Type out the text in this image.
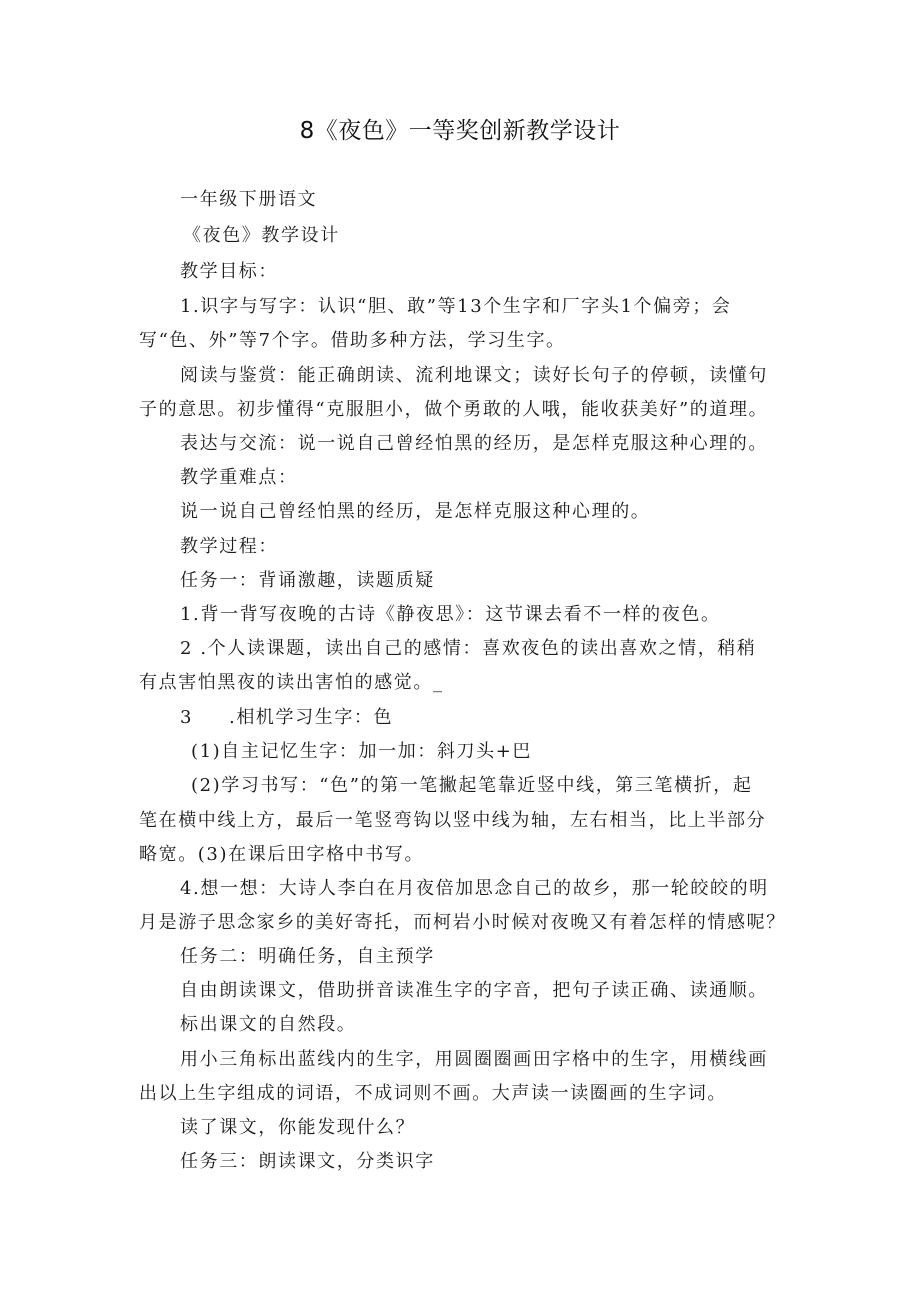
8《夜色》一等奖创新教学设计
一年级下册语文
《夜色》教学设计
教学目标：
1.识字与写字：认识“胆、敢”等13个生字和厂字头1个偏旁；会
写“色、外”等7个字。借助多种方法，学习生字。
阅读与鉴赏：能正确朗读、流利地课文；读好长句子的停顿，读懂句
子的意思。初步懂得“克服胆小，做个勇敢的人哦，能收获美好”的道理。
表达与交流：说一说自己曾经怕黑的经历，是怎样克服这种心理的。
教学重难点：
说一说自己曾经怕黑的经历，是怎样克服这种心理的。
教学过程：
任务一：背诵激趣，读题质疑
1.背一背写夜晚的古诗《静夜思》：这节课去看不一样的夜色。
2 .个人读课题，读出自己的感情：喜欢夜色的读出喜欢之情，稍稍
有点害怕黑夜的读出害怕的感觉。_
3 .相机学习生字：色
(1)自主记忆生字：加一加：斜刀头+巴
(2)学习书写：“色”的第一笔撇起笔靠近竖中线，第三笔横折，起
笔在横中线上方，最后一笔竖弯钩以竖中线为轴，左右相当，比上半部分
略宽。(3)在课后田字格中书写。
4.想一想：大诗人李白在月夜倍加思念自己的故乡，那一轮皎皎的明
月是游子思念家乡的美好寄托，而柯岩小时候对夜晚又有着怎样的情感呢？
任务二：明确任务，自主预学
自由朗读课文，借助拼音读准生字的字音，把句子读正确、读通顺。
标出课文的自然段。
用小三角标出蓝线内的生字，用圆圈圈画田字格中的生字，用横线画
出以上生字组成的词语，不成词则不画。大声读一读圈画的生字词。
读了课文，你能发现什么？
任务三：朗读课文，分类识字
